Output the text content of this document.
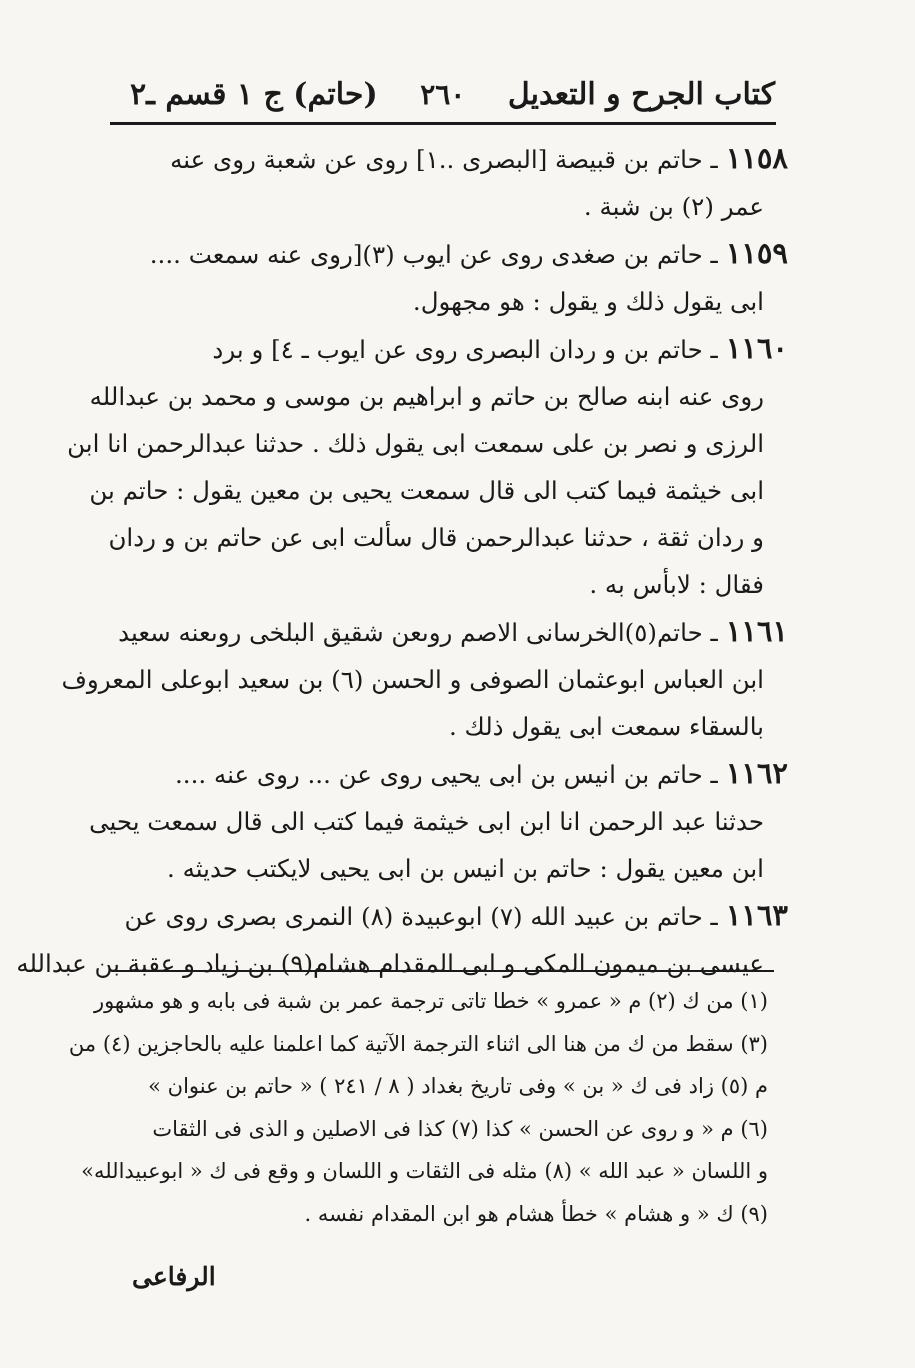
كتاب الجرح و التعديل
٢٦٠
(حاتم) ج ١ قسم ـ٢
١١٥٨ـ حاتم بن قبيصة [البصرى ..١] روى عن شعبة روى عنه
عمر (٢) بن شبة .
١١٥٩ـ حاتم بن صغدى روى عن ايوب (٣)[روى عنه سمعت ....
ابى يقول ذلك و يقول : هو مجهول.
١١٦٠ـ حاتم بن و ردان البصرى روى عن ايوب ـ ٤] و برد
روى عنه ابنه صالح بن حاتم و ابراهيم بن موسى و محمد بن عبدالله
الرزى و نصر بن على سمعت ابى يقول ذلك . حدثنا عبدالرحمن انا ابن
ابى خيثمة فيما كتب الى قال سمعت يحيى بن معين يقول : حاتم بن
و ردان ثقة ، حدثنا عبدالرحمن قال سألت ابى عن حاتم بن و ردان
فقال : لابأس به .
١١٦١ـ حاتم(٥)الخرسانى الاصم روىعن شقيق البلخى روىعنه سعيد
ابن العباس ابوعثمان الصوفى و الحسن (٦) بن سعيد ابوعلى المعروف
بالسقاء سمعت ابى يقول ذلك .
١١٦٢ـ حاتم بن انيس بن ابى يحيى روى عن ... روى عنه ....
حدثنا عبد الرحمن انا ابن ابى خيثمة فيما كتب الى قال سمعت يحيى
ابن معين يقول : حاتم بن انيس بن ابى يحيى لايكتب حديثه .
١١٦٣ـ حاتم بن عبيد الله (٧) ابوعبيدة (٨) النمرى بصرى روى عن
عيسى بن ميمون المكى و ابى المقدام هشام(٩) بن زياد و عقبة بن عبدالله
(١) من ك (٢) م « عمرو » خطا تاتى ترجمة عمر بن شبة فى بابه و هو مشهور
(٣) سقط من ك من هنا الى اثناء الترجمة الآتية كما اعلمنا عليه بالحاجزين (٤) من
م (٥) زاد فى ك « بن » وفى تاريخ بغداد ( ٨ / ٢٤١ ) « حاتم بن عنوان »
(٦) م « و روى عن الحسن » كذا (٧) كذا فى الاصلين و الذى فى الثقات
و اللسان « عبد الله » (٨) مثله فى الثقات و اللسان و وقع فى ك « ابوعبيدالله»
(٩) ك « و هشام » خطأ هشام هو ابن المقدام نفسه .
الرفاعى
